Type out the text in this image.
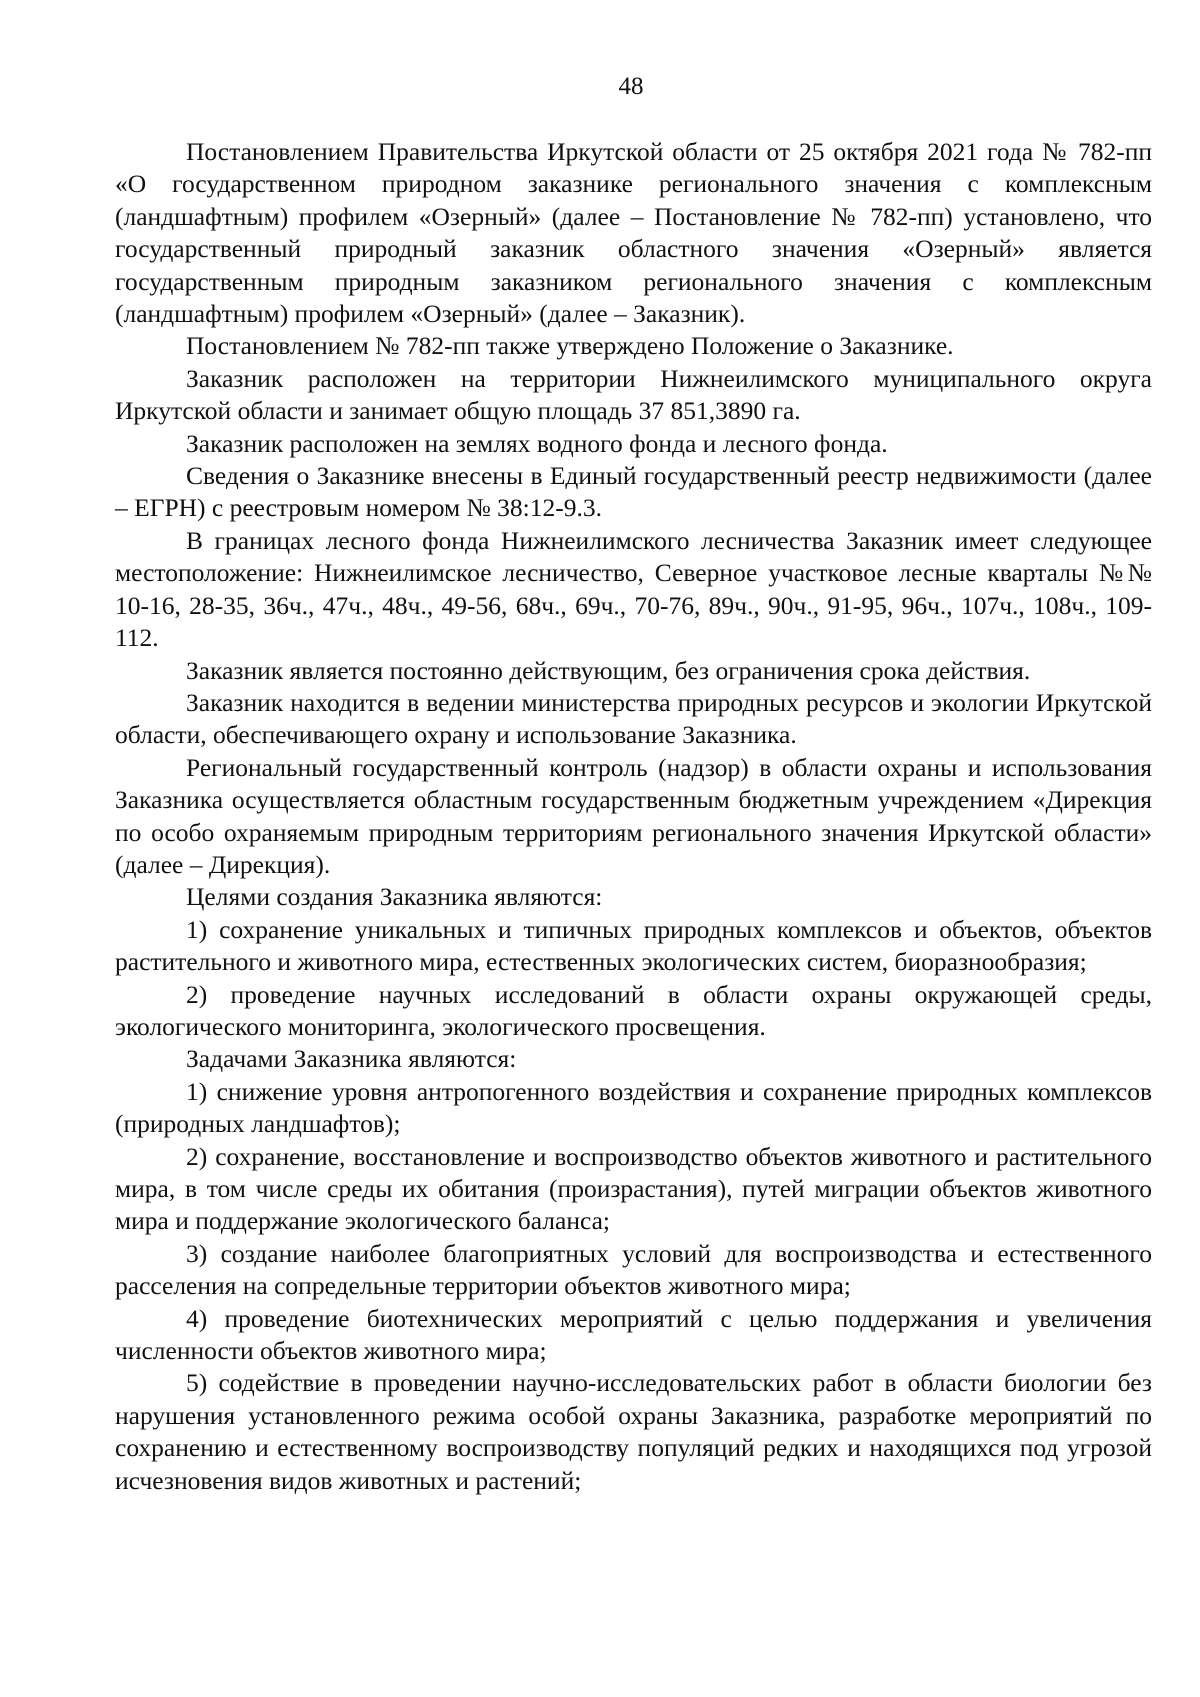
48

Постановлением Правительства Иркутской области от 25 октября 2021 года № 782-пп «О государственном природном заказнике регионального значения с комплексным (ландшафтным) профилем «Озерный» (далее – Постановление № 782-пп) установлено, что государственный природный заказник областного значения «Озерный» является государственным природным заказником регионального значения с комплексным (ландшафтным) профилем «Озерный» (далее – Заказник).

Постановлением № 782-пп также утверждено Положение о Заказнике.

Заказник расположен на территории Нижнеилимского муниципального округа Иркутской области и занимает общую площадь 37 851,3890 га.

Заказник расположен на землях водного фонда и лесного фонда.

Сведения о Заказнике внесены в Единый государственный реестр недвижимости (далее – ЕГРН) с реестровым номером № 38:12-9.3.

В границах лесного фонда Нижнеилимского лесничества Заказник имеет следующее местоположение: Нижнеилимское лесничество, Северное участковое лесные кварталы №№ 10-16, 28-35, 36ч., 47ч., 48ч., 49-56, 68ч., 69ч., 70-76, 89ч., 90ч., 91-95, 96ч., 107ч., 108ч., 109-112.

Заказник является постоянно действующим, без ограничения срока действия.

Заказник находится в ведении министерства природных ресурсов и экологии Иркутской области, обеспечивающего охрану и использование Заказника.

Региональный государственный контроль (надзор) в области охраны и использования Заказника осуществляется областным государственным бюджетным учреждением «Дирекция по особо охраняемым природным территориям регионального значения Иркутской области» (далее – Дирекция).

Целями создания Заказника являются:

1) сохранение уникальных и типичных природных комплексов и объектов, объектов растительного и животного мира, естественных экологических систем, биоразнообразия;

2) проведение научных исследований в области охраны окружающей среды, экологического мониторинга, экологического просвещения.

Задачами Заказника являются:

1) снижение уровня антропогенного воздействия и сохранение природных комплексов (природных ландшафтов);

2) сохранение, восстановление и воспроизводство объектов животного и растительного мира, в том числе среды их обитания (произрастания), путей миграции объектов животного мира и поддержание экологического баланса;

3) создание наиболее благоприятных условий для воспроизводства и естественного расселения на сопредельные территории объектов животного мира;

4) проведение биотехнических мероприятий с целью поддержания и увеличения численности объектов животного мира;

5) содействие в проведении научно-исследовательских работ в области биологии без нарушения установленного режима особой охраны Заказника, разработке мероприятий по сохранению и естественному воспроизводству популяций редких и находящихся под угрозой исчезновения видов животных и растений;
